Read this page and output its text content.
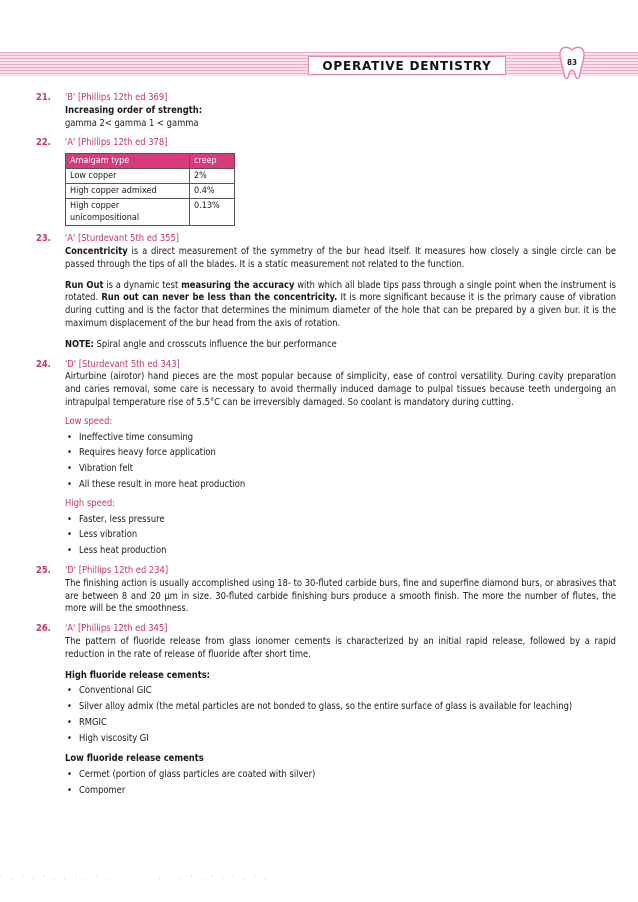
OPERATIVE DENTISTRY	83
21. 'B' [Phillips 12th ed 369]
Increasing order of strength:
gamma 2< gamma 1 < gamma
22. 'A' [Phillips 12th ed 378]
Amalgam type	creep
Low copper	2%
High copper admixed	0.4%
High copper unicompositional	0.13%
23. 'A' [Sturdevant 5th ed 355]

Concentricity is a direct measurement of the symmetry of the bur head itself. It measures how closely a single circle can be passed through the tips of all the blades. It is a static measurement not related to the function.

Run Out is a dynamic test measuring the accuracy with which all blade tips pass through a single point when the instrument is rotated. Run out can never be less than the concentricity. It is more significant because it is the primary cause of vibration during cutting and is the factor that determines the minimum diameter of the hole that can be prepared by a given bur. it is the maximum displacement of the bur head from the axis of rotation.

NOTE: Spiral angle and crosscuts influence the bur performance

24. 'D' [Sturdevant 5th ed 343]

Airturbine (airotor) hand pieces are the most popular because of simplicity, ease of control versatility. During cavity preparation and caries removal, some care is necessary to avoid thermally induced damage to pulpal tissues because teeth undergoing an intrapulpal temperature rise of 5.5°C can be irreversibly damaged. So coolant is mandatory during cutting.

Low speed:
• Ineffective time consuming
• Requires heavy force application
• Vibration felt
• All these result in more heat production
High speed:
• Faster, less pressure
• Less vibration
• Less heat production
25. 'D' [Phillips 12th ed 234]

The finishing action is usually accomplished using 18- to 30-fluted carbide burs, fine and superfine diamond burs, or abrasives that are between 8 and 20 µm in size. 30-fluted carbide finishing burs produce a smooth finish. The more the number of flutes, the more will be the smoothness.

26. 'A' [Phillips 12th ed 345]

The pattern of fluoride release from glass ionomer cements is characterized by an initial rapid release, followed by a rapid reduction in the rate of release of fluoride after short time.

High fluoride release cements:
• Conventional GIC
• Silver alloy admix (the metal particles are not bonded to glass, so the entire surface of glass is available for leaching)
• RMGIC
• High viscosity GI
Low fluoride release cements
• Cermet (portion of glass particles are coated with silver)
• Compomer
· . · . · . . · . · . · . · . . · . · . · . · . · .
